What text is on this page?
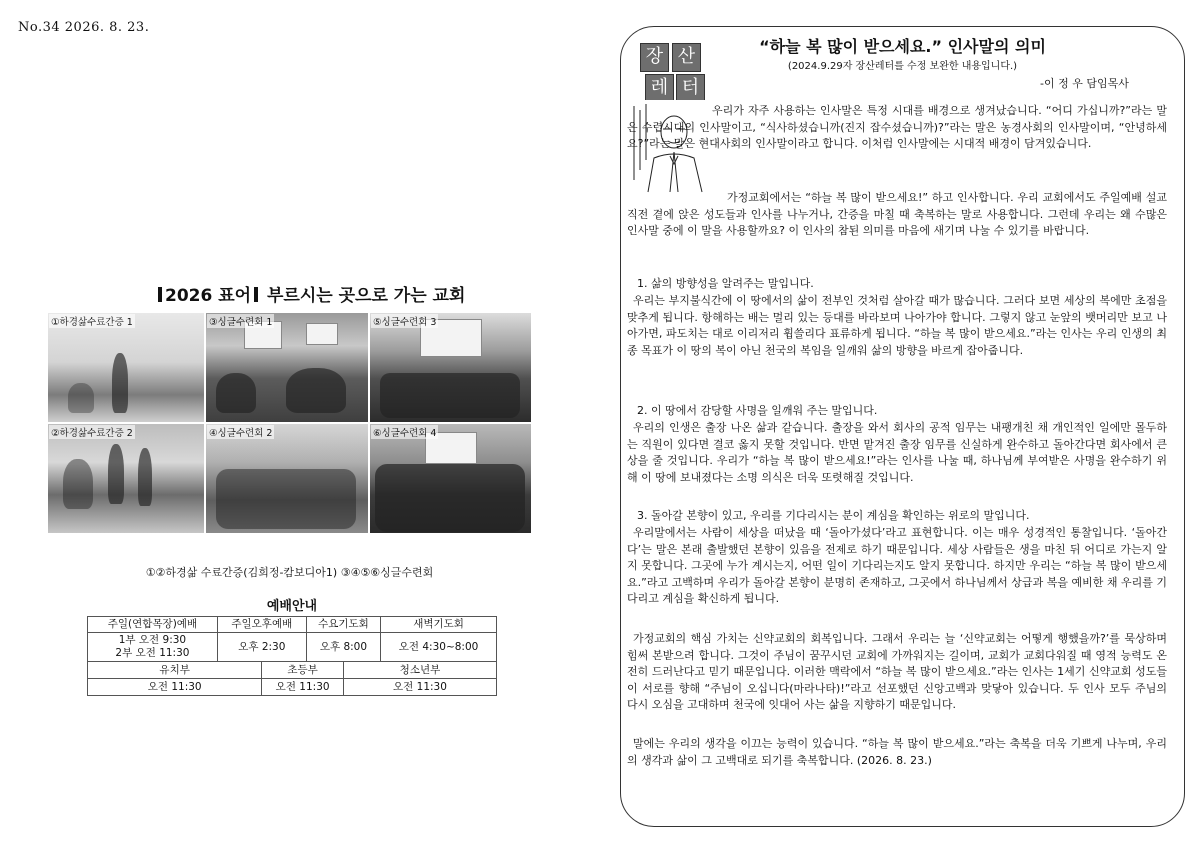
No.34 2026. 8. 23.
2026 표어 부르시는 곳으로 가는 교회
①하경삶수료간증 1	③싱글수련회 1	⑤싱글수련회 3
②하경삶수료간증 2	④싱글수련회 2	⑥싱글수련회 4
①②하경삶 수료간증(김희정-캄보디아1) ③④⑤⑥싱글수련회
예배안내					
주일(연합목장)예배	주일오후예배		수요기도회		새벽기도회
1부 오전 9:30
2부 오전 11:30	오후 2:30		오후 8:00		오전 4:30~8:00
유치부		초등부		청소년부	
오전 11:30		오전 11:30		오전 11:30	
장 산
레 터
“하늘 복 많이 받으세요.” 인사말의 의미
(2024.9.29자 장산레터를 수정 보완한 내용입니다.)
-이 정 우 담임목사

우리가 자주 사용하는 인사말은 특정 시대를 배경으로 생겨났습니다. “어디 가십니까?”라는 말은 수렵시대의 인사말이고, “식사하셨습니까(진지 잡수셨습니까)?”라는 말은 농경사회의 인사말이며, “안녕하세요?”라는 말은 현대사회의 인사말이라고 합니다. 이처럼 인사말에는 시대적 배경이 담겨있습니다.

가정교회에서는 “하늘 복 많이 받으세요!” 하고 인사합니다. 우리 교회에서도 주일예배 설교 직전 곁에 앉은 성도들과 인사를 나누거나, 간증을 마칠 때 축복하는 말로 사용합니다. 그런데 우리는 왜 수많은 인사말 중에 이 말을 사용할까요? 이 인사의 참된 의미를 마음에 새기며 나눌 수 있기를 바랍니다.

1. 삶의 방향성을 알려주는 말입니다.

우리는 부지불식간에 이 땅에서의 삶이 전부인 것처럼 살아갈 때가 많습니다. 그러다 보면 세상의 복에만 초점을 맞추게 됩니다. 항해하는 배는 멀리 있는 등대를 바라보며 나아가야 합니다. 그렇지 않고 눈앞의 뱃머리만 보고 나아가면, 파도치는 대로 이리저리 휩쓸리다 표류하게 됩니다. “하늘 복 많이 받으세요.”라는 인사는 우리 인생의 최종 목표가 이 땅의 복이 아닌 천국의 복임을 일깨워 삶의 방향을 바르게 잡아줍니다.

2. 이 땅에서 감당할 사명을 일깨워 주는 말입니다.

우리의 인생은 출장 나온 삶과 같습니다. 출장을 와서 회사의 공적 임무는 내팽개친 채 개인적인 일에만 몰두하는 직원이 있다면 결코 옳지 못할 것입니다. 반면 맡겨진 출장 임무를 신실하게 완수하고 돌아간다면 회사에서 큰 상을 줄 것입니다. 우리가 “하늘 복 많이 받으세요!”라는 인사를 나눌 때, 하나님께 부여받은 사명을 완수하기 위해 이 땅에 보내졌다는 소명 의식은 더욱 또렷해질 것입니다.

3. 돌아갈 본향이 있고, 우리를 기다리시는 분이 계심을 확인하는 위로의 말입니다.

우리말에서는 사람이 세상을 떠났을 때 ‘돌아가셨다’라고 표현합니다. 이는 매우 성경적인 통찰입니다. ‘돌아간다’는 말은 본래 출발했던 본향이 있음을 전제로 하기 때문입니다. 세상 사람들은 생을 마친 뒤 어디로 가는지 알지 못합니다. 그곳에 누가 계시는지, 어떤 일이 기다리는지도 알지 못합니다. 하지만 우리는 “하늘 복 많이 받으세요.”라고 고백하며 우리가 돌아갈 본향이 분명히 존재하고, 그곳에서 하나님께서 상급과 복을 예비한 채 우리를 기다리고 계심을 확신하게 됩니다.

가정교회의 핵심 가치는 신약교회의 회복입니다. 그래서 우리는 늘 ‘신약교회는 어떻게 행했을까?’를 묵상하며 힘써 본받으려 합니다. 그것이 주님이 꿈꾸시던 교회에 가까워지는 길이며, 교회가 교회다워질 때 영적 능력도 온전히 드러난다고 믿기 때문입니다. 이러한 맥락에서 “하늘 복 많이 받으세요.”라는 인사는 1세기 신약교회 성도들이 서로를 향해 “주님이 오십니다(마라나타)!”라고 선포했던 신앙고백과 맞닿아 있습니다. 두 인사 모두 주님의 다시 오심을 고대하며 천국에 잇대어 사는 삶을 지향하기 때문입니다.

말에는 우리의 생각을 이끄는 능력이 있습니다. “하늘 복 많이 받으세요.”라는 축복을 더욱 기쁘게 나누며, 우리의 생각과 삶이 그 고백대로 되기를 축복합니다. (2026. 8. 23.)
